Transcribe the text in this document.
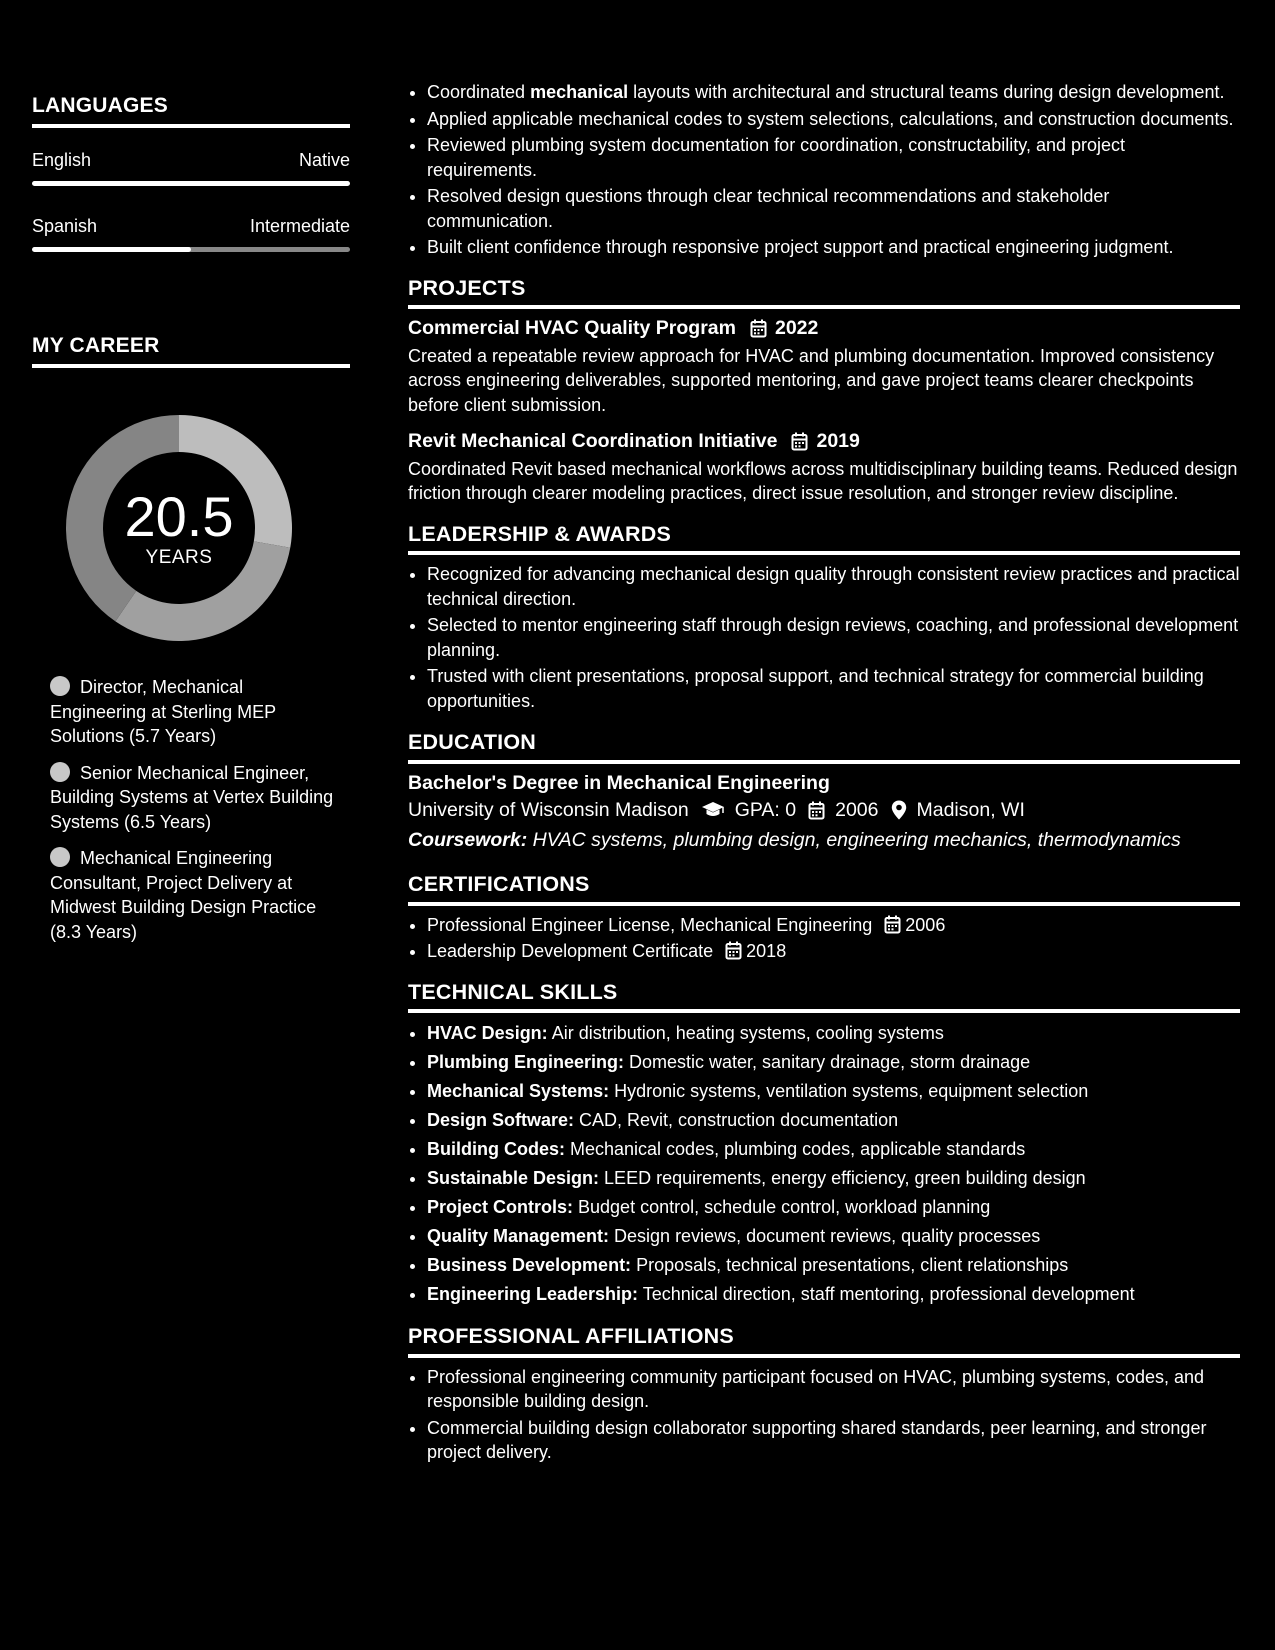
LANGUAGES
English	Native
Spanish	Intermediate
MY CAREER
20.5
YEARS
Director, Mechanical Engineering at Sterling MEP Solutions (5.7 Years)
Senior Mechanical Engineer, Building Systems at Vertex Building Systems (6.5 Years)
Mechanical Engineering Consultant, Project Delivery at Midwest Building Design Practice (8.3 Years)
• Coordinated mechanical layouts with architectural and structural teams during design development.
• Applied applicable mechanical codes to system selections, calculations, and construction documents.
• Reviewed plumbing system documentation for coordination, constructability, and project requirements.
• Resolved design questions through clear technical recommendations and stakeholder communication.
• Built client confidence through responsive project support and practical engineering judgment.
PROJECTS
Commercial HVAC Quality Program 2022

Created a repeatable review approach for HVAC and plumbing documentation. Improved consistency across engineering deliverables, supported mentoring, and gave project teams clearer checkpoints before client submission.

Revit Mechanical Coordination Initiative 2019

Coordinated Revit based mechanical workflows across multidisciplinary building teams. Reduced design friction through clearer modeling practices, direct issue resolution, and stronger review discipline.

LEADERSHIP & AWARDS
• Recognized for advancing mechanical design quality through consistent review practices and practical technical direction.
• Selected to mentor engineering staff through design reviews, coaching, and professional development planning.
• Trusted with client presentations, proposal support, and technical strategy for commercial building opportunities.
EDUCATION
Bachelor's Degree in Mechanical Engineering
University of Wisconsin Madison GPA: 0 2006 Madison, WI
Coursework: HVAC systems, plumbing design, engineering mechanics, thermodynamics
CERTIFICATIONS
• Professional Engineer License, Mechanical Engineering 2006
• Leadership Development Certificate 2018
TECHNICAL SKILLS
• HVAC Design: Air distribution, heating systems, cooling systems
• Plumbing Engineering: Domestic water, sanitary drainage, storm drainage
• Mechanical Systems: Hydronic systems, ventilation systems, equipment selection
• Design Software: CAD, Revit, construction documentation
• Building Codes: Mechanical codes, plumbing codes, applicable standards
• Sustainable Design: LEED requirements, energy efficiency, green building design
• Project Controls: Budget control, schedule control, workload planning
• Quality Management: Design reviews, document reviews, quality processes
• Business Development: Proposals, technical presentations, client relationships
• Engineering Leadership: Technical direction, staff mentoring, professional development
PROFESSIONAL AFFILIATIONS
• Professional engineering community participant focused on HVAC, plumbing systems, codes, and responsible building design.
• Commercial building design collaborator supporting shared standards, peer learning, and stronger project delivery.
